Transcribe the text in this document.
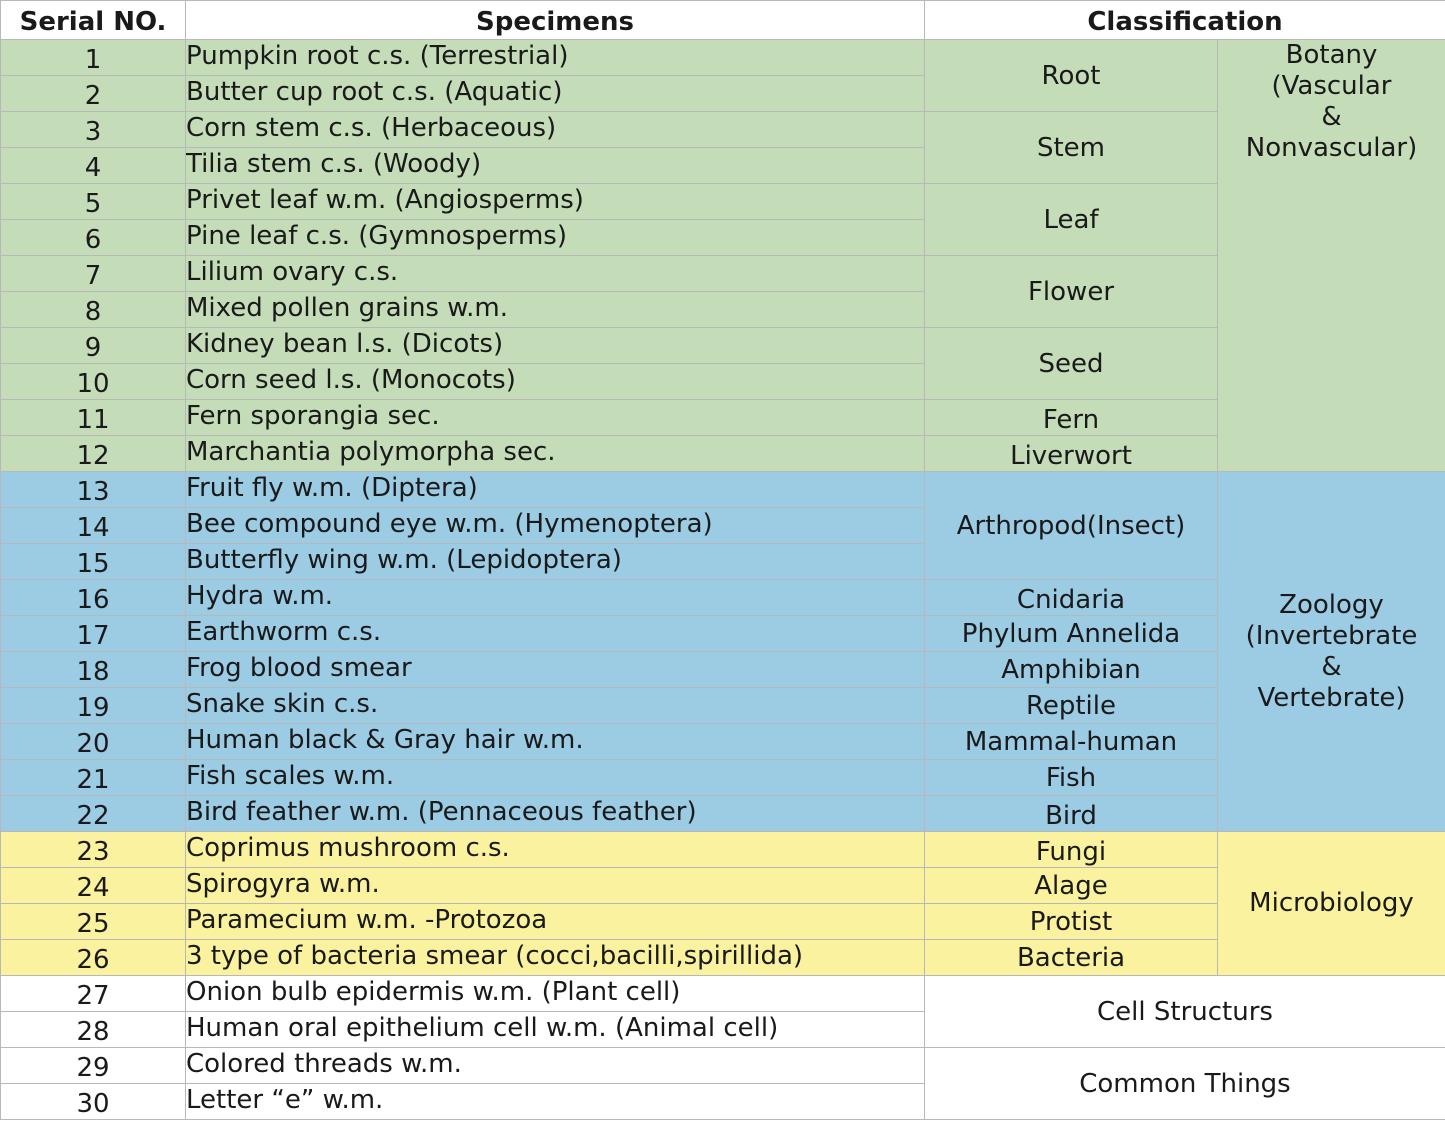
Serial NO.	Specimens	Classification	
1	Pumpkin root c.s. (Terrestrial)	Root	Botany
(Vascular
&
Nonvascular)

2	Butter cup root c.s. (Aquatic)		
3	Corn stem c.s. (Herbaceous)	Stem	
4	Tilia stem c.s. (Woody)		
5	Privet leaf w.m. (Angiosperms)	Leaf	
6	Pine leaf c.s. (Gymnosperms)		
7	Lilium ovary c.s.	Flower	
8	Mixed pollen grains w.m.		
9	Kidney bean l.s. (Dicots)	Seed	
10	Corn seed l.s. (Monocots)		
11	Fern sporangia sec.	Fern	
12	Marchantia polymorpha sec.	Liverwort	
13	Fruit fly w.m. (Diptera)	Arthropod(Insect)	Zoology
(Invertebrate
&
Vertebrate)

14	Bee compound eye w.m. (Hymenoptera)		
15	Butterfly wing w.m. (Lepidoptera)		
16	Hydra w.m.	Cnidaria	
17	Earthworm c.s.	Phylum Annelida	
18	Frog blood smear	Amphibian	
19	Snake skin c.s.	Reptile	
20	Human black & Gray hair w.m.	Mammal-human	
21	Fish scales w.m.	Fish	
22	Bird feather w.m. (Pennaceous feather)	Bird	
23	Coprimus mushroom c.s.	Fungi	Microbiology
24	Spirogyra w.m.	Alage	
25	Paramecium w.m. -Protozoa	Protist	
26	3 type of bacteria smear (cocci,bacilli,spirillida)	Bacteria	
27	Onion bulb epidermis w.m. (Plant cell)	Cell Structurs	
28	Human oral epithelium cell w.m. (Animal cell)		
29	Colored threads w.m.	Common Things	
30	Letter “e” w.m.		
